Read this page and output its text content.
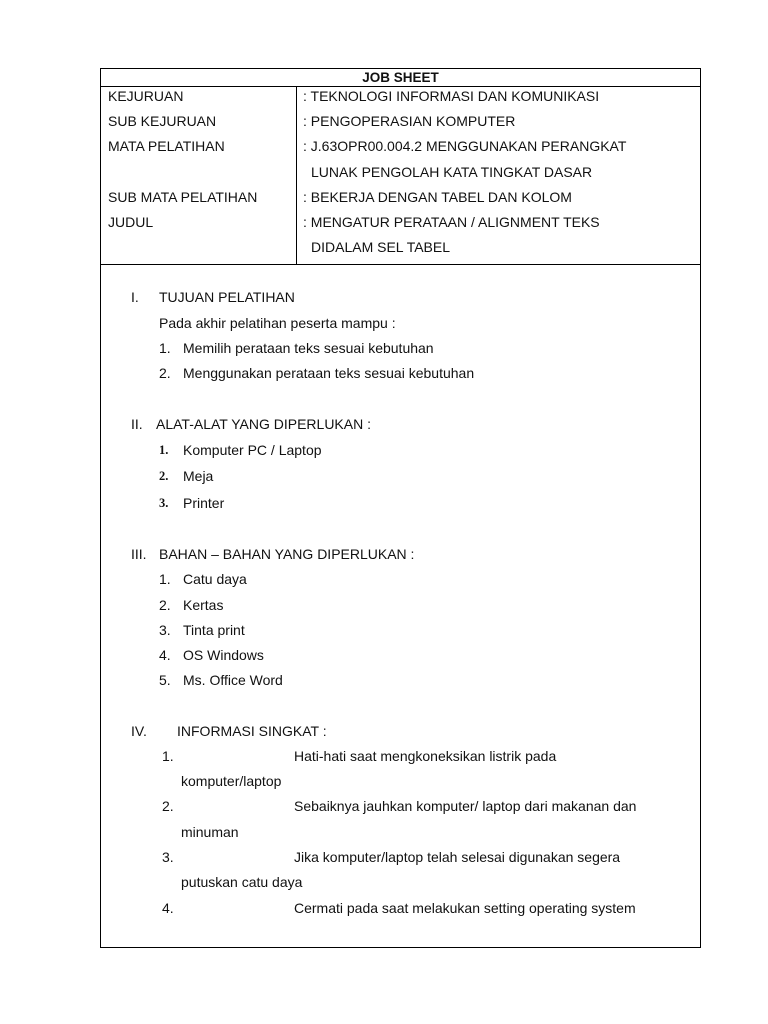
JOB SHEET
KEJURUAN	: TEKNOLOGI INFORMASI DAN KOMUNIKASI
SUB KEJURUAN	: PENGOPERASIAN KOMPUTER
MATA PELATIHAN	: J.63OPR00.004.2 MENGGUNAKAN PERANGKAT
LUNAK PENGOLAH KATA TINGKAT DASAR
SUB MATA PELATIHAN	: BEKERJA DENGAN TABEL DAN KOLOM
JUDUL	: MENGATUR PERATAAN / ALIGNMENT TEKS
DIDALAM SEL TABEL
I. TUJUAN PELATIHAN
Pada akhir pelatihan peserta mampu :
1. Memilih perataan teks sesuai kebutuhan
2. Menggunakan perataan teks sesuai kebutuhan
II. ALAT-ALAT YANG DIPERLUKAN :
1. Komputer PC / Laptop
2. Meja
3. Printer
III. BAHAN – BAHAN YANG DIPERLUKAN :
1. Catu daya
2. Kertas
3. Tinta print
4. OS Windows
5. Ms. Office Word
IV. INFORMASI SINGKAT :
1.	Hati-hati saat mengkoneksikan listrik pada
komputer/laptop
2.	Sebaiknya jauhkan komputer/ laptop dari makanan dan
minuman
3.	Jika komputer/laptop telah selesai digunakan segera
putuskan catu daya
4.	Cermati pada saat melakukan setting operating system
